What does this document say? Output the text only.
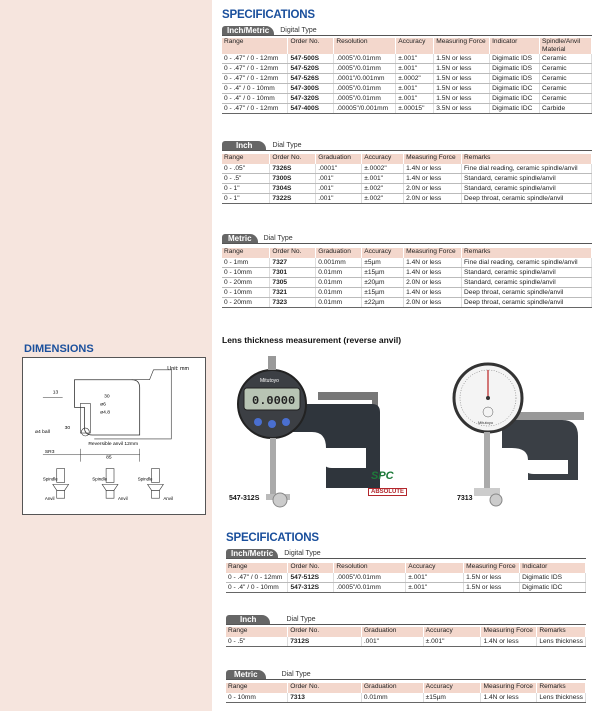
DIMENSIONS
Unit: mm
13
30
ø6
ø4.8
ø4 ball
30
Reversible anvil 12mm
85
SR3
Spindle
Anvil
Spindle
Anvil
Spindle
Anvil
SPECIFICATIONS
Inch/Metric	Digital Type
Range	Order No.	Resolution	Accuracy	Measuring Force	Indicator	Spindle/Anvil Material
0 - .47" / 0 - 12mm	547-500S	.0005"/0.01mm	±.001"	1.5N or less	Digimatic IDS	Ceramic
0 - .47" / 0 - 12mm	547-520S	.0005"/0.01mm	±.001"	1.5N or less	Digimatic IDS	Ceramic
0 - .47" / 0 - 12mm	547-526S	.0001"/0.001mm	±.0002"	1.5N or less	Digimatic IDS	Ceramic
0 - .4" / 0 - 10mm	547-300S	.0005"/0.01mm	±.001"	1.5N or less	Digimatic IDC	Ceramic
0 - .4" / 0 - 10mm	547-320S	.0005"/0.01mm	±.001"	1.5N or less	Digimatic IDC	Ceramic
0 - .47" / 0 - 12mm	547-400S	.00005"/0.001mm	±.00015"	3.5N or less	Digimatic IDC	Carbide
Inch	Dial Type
Range	Order No.	Graduation	Accuracy	Measuring Force	Remarks
0 - .05"	7326S	.0001"	±.0002"	1.4N or less	Fine dial reading, ceramic spindle/anvil
0 - .5"	7300S	.001"	±.001"	1.4N or less	Standard, ceramic spindle/anvil
0 - 1"	7304S	.001"	±.002"	2.0N or less	Standard, ceramic spindle/anvil
0 - 1"	7322S	.001"	±.002"	2.0N or less	Deep throat, ceramic spindle/anvil
Metric	Dial Type
Range	Order No.	Graduation	Accuracy	Measuring Force	Remarks
0 - 1mm	7327	0.001mm	±5µm	1.4N or less	Fine dial reading, ceramic spindle/anvil
0 - 10mm	7301	0.01mm	±15µm	1.4N or less	Standard, ceramic spindle/anvil
0 - 20mm	7305	0.01mm	±20µm	2.0N or less	Standard, ceramic spindle/anvil
0 - 10mm	7321	0.01mm	±15µm	1.4N or less	Deep throat, ceramic spindle/anvil
0 - 20mm	7323	0.01mm	±22µm	2.0N or less	Deep throat, ceramic spindle/anvil
Lens thickness measurement (reverse anvil)
0.0000
Mitutoyo
Mitutoyo
547-312S	7313
SPC
ABSOLUTE
SPECIFICATIONS
Inch/Metric	Digital Type
Range	Order No.	Resolution	Accuracy	Measuring Force	Indicator
0 - .47" / 0 - 12mm	547-512S	.0005"/0.01mm	±.001"	1.5N or less	Digimatic IDS
0 - .4" / 0 - 10mm	547-312S	.0005"/0.01mm	±.001"	1.5N or less	Digimatic IDC
Inch	Dial Type
Range	Order No.	Graduation	Accuracy	Measuring Force	Remarks
0 - .5"	7312S	.001"	±.001"	1.4N or less	Lens thickness
Metric	Dial Type
Range	Order No.	Graduation	Accuracy	Measuring Force	Remarks
0 - 10mm	7313	0.01mm	±15µm	1.4N or less	Lens thickness
